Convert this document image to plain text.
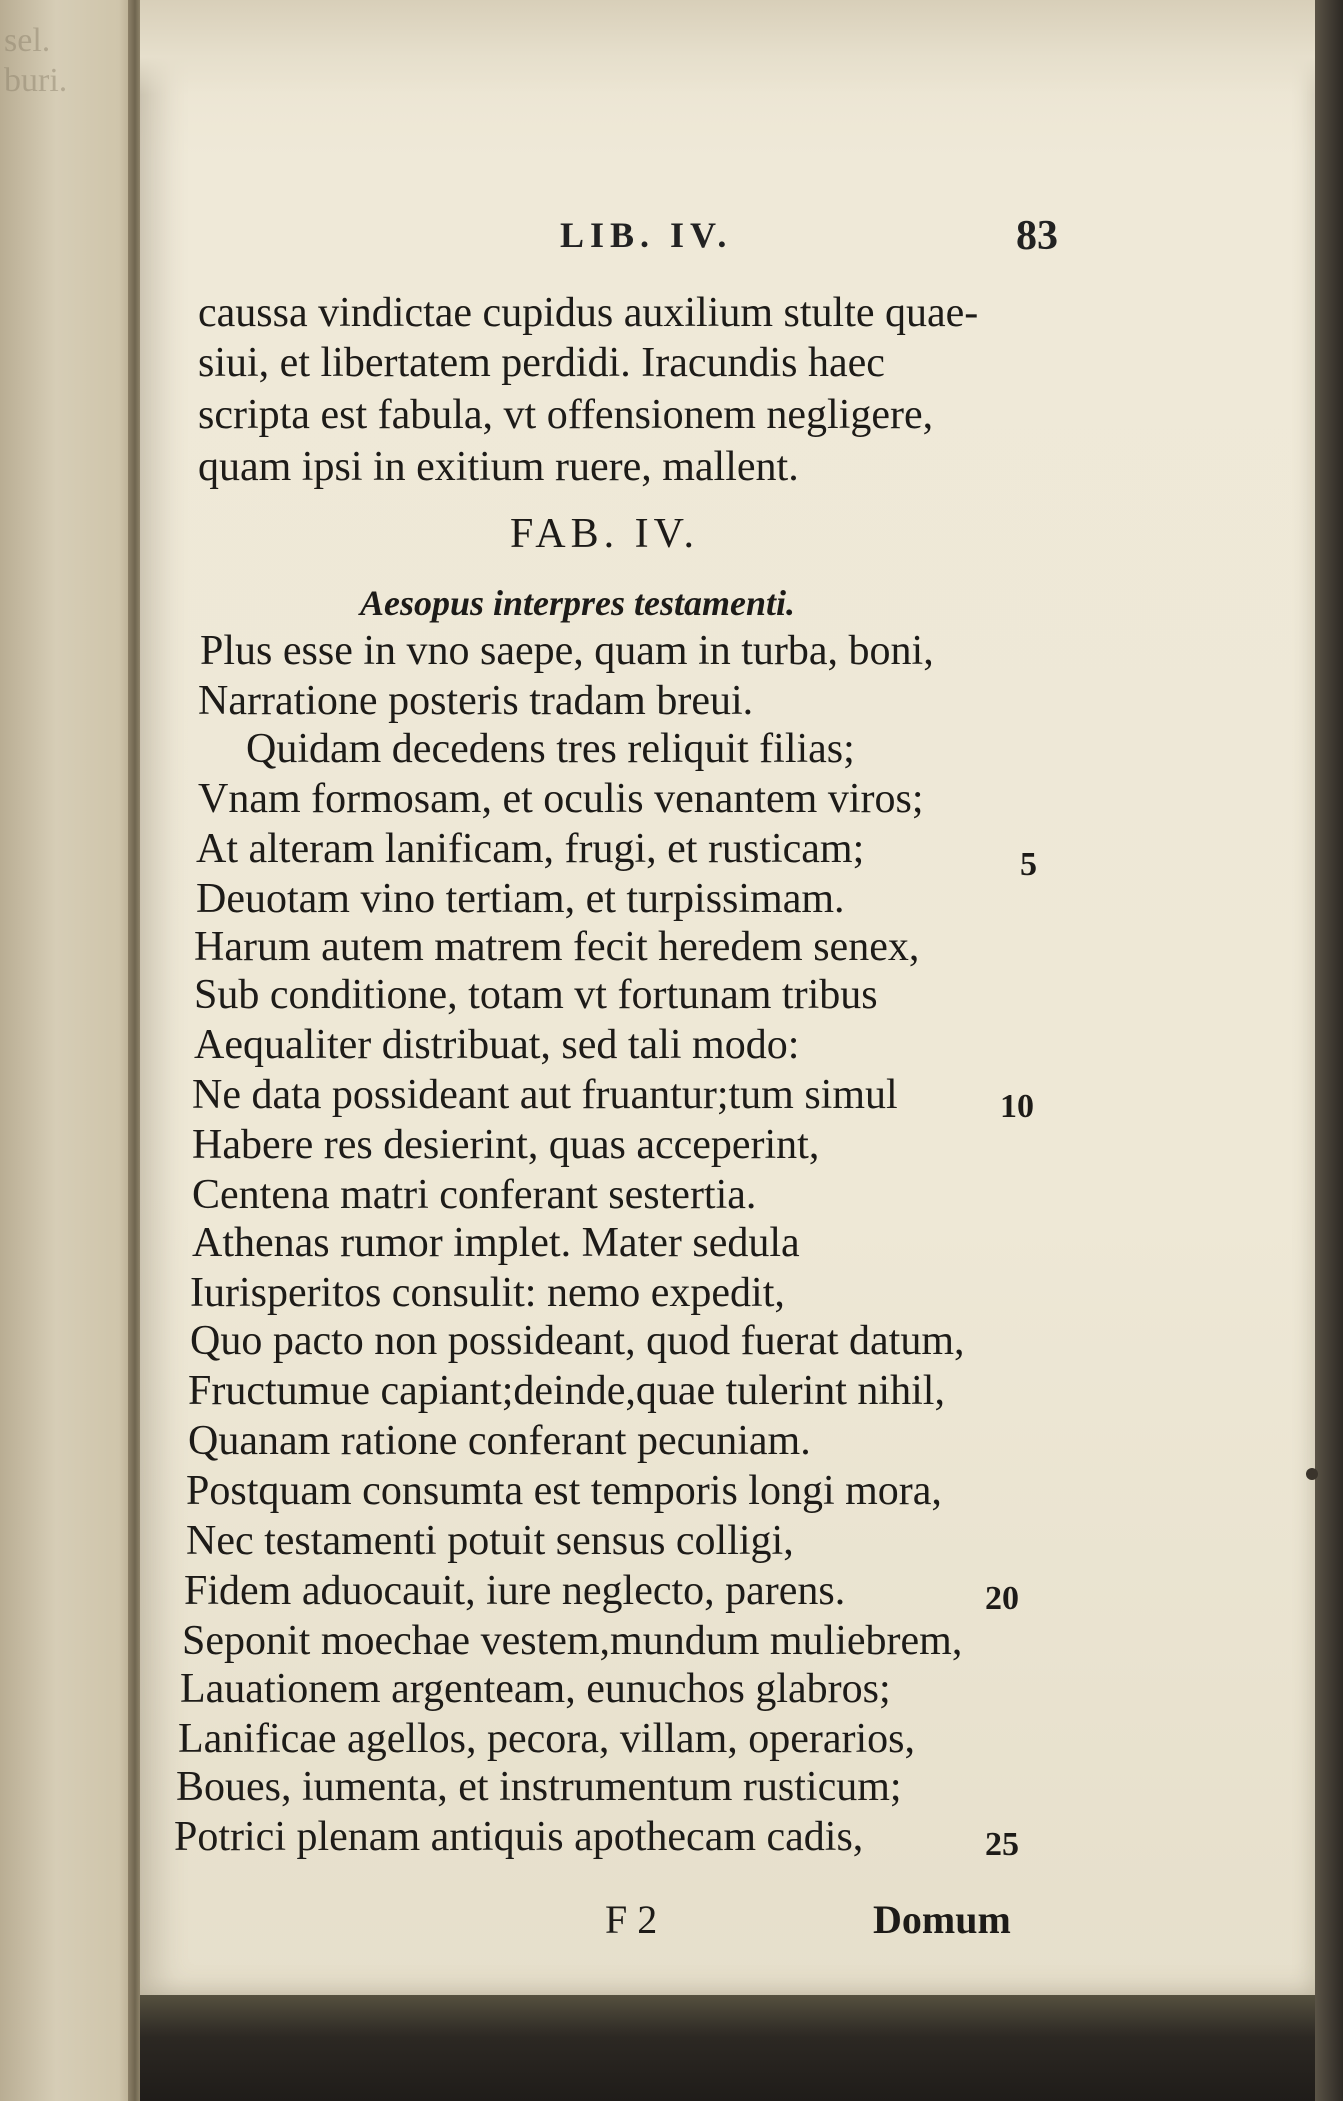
sel.
buri.
LIB. IV.	83
caussa vindictae cupidus auxilium stulte quae-
siui, et libertatem perdidi. Iracundis haec
scripta est fabula, vt offensionem negligere,
quam ipsi in exitium ruere, mallent.
FAB. IV.
Aesopus interpres testamenti.
Plus esse in vno saepe, quam in turba, boni,
Narratione posteris tradam breui.
Quidam decedens tres reliquit filias;
Vnam formosam, et oculis venantem viros;
At alteram lanificam, frugi, et rusticam;	5
Deuotam vino tertiam, et turpissimam.
Harum autem matrem fecit heredem senex,
Sub conditione, totam vt fortunam tribus
Aequaliter distribuat, sed tali modo:
Ne data possideant aut fruantur;tum simul	10
Habere res desierint, quas acceperint,
Centena matri conferant sestertia.
Athenas rumor implet. Mater sedula
Iurisperitos consulit: nemo expedit,
Quo pacto non possideant, quod fuerat datum,
Fructumue capiant;deinde,quae tulerint nihil,
Quanam ratione conferant pecuniam.
Postquam consumta est temporis longi mora,
Nec testamenti potuit sensus colligi,
Fidem aduocauit, iure neglecto, parens.	20
Seponit moechae vestem,mundum muliebrem,
Lauationem argenteam, eunuchos glabros;
Lanificae agellos, pecora, villam, operarios,
Boues, iumenta, et instrumentum rusticum;
Potrici plenam antiquis apothecam cadis,	25
F 2	Domum
